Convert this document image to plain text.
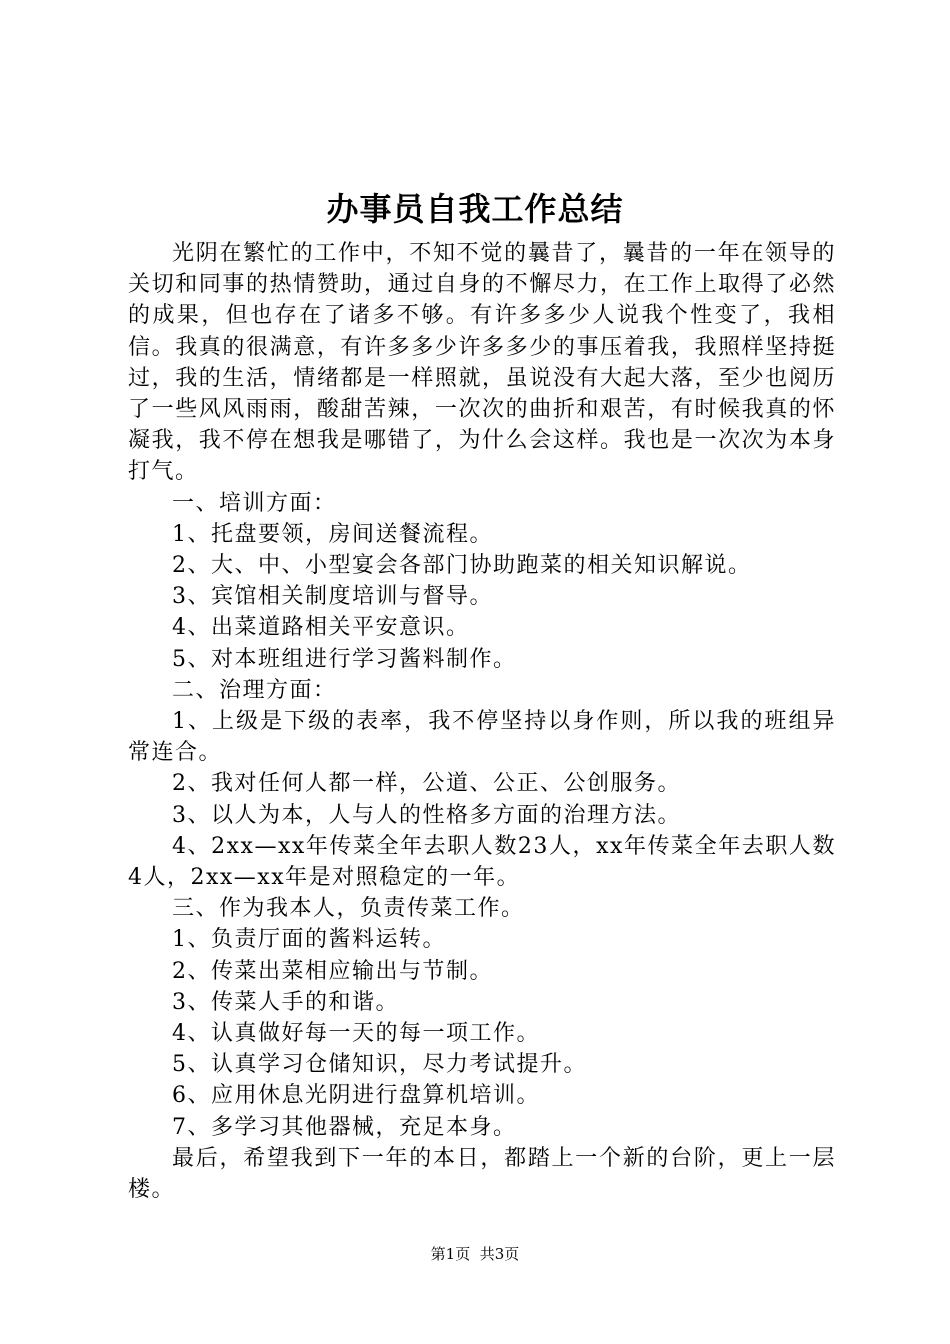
办事员自我工作总结

光阴在繁忙的工作中，不知不觉的曩昔了，曩昔的一年在领导的关切和同事的热情赞助，通过自身的不懈尽力，在工作上取得了必然的成果，但也存在了诸多不够。有许多多少人说我个性变了，我相信。我真的很满意，有许多多少许多多少的事压着我，我照样坚持挺过，我的生活，情绪都是一样照就，虽说没有大起大落，至少也阅历了一些风风雨雨，酸甜苦辣，一次次的曲折和艰苦，有时候我真的怀凝我，我不停在想我是哪错了，为什么会这样。我也是一次次为本身打气。

一、培训方面：

1、托盘要领，房间送餐流程。

2、大、中、小型宴会各部门协助跑菜的相关知识解说。

3、宾馆相关制度培训与督导。

4、出菜道路相关平安意识。

5、对本班组进行学习酱料制作。

二、治理方面：

1、上级是下级的表率，我不停坚持以身作则，所以我的班组异常连合。

2、我对任何人都一样，公道、公正、公创服务。

3、以人为本，人与人的性格多方面的治理方法。

4、2xx—xx年传菜全年去职人数23人，xx年传菜全年去职人数4人，2xx—xx年是对照稳定的一年。

三、作为我本人，负责传菜工作。

1、负责厅面的酱料运转。

2、传菜出菜相应输出与节制。

3、传菜人手的和谐。

4、认真做好每一天的每一项工作。

5、认真学习仓储知识，尽力考试提升。

6、应用休息光阴进行盘算机培训。

7、多学习其他器械，充足本身。

最后，希望我到下一年的本日，都踏上一个新的台阶，更上一层楼。

第1页 共3页
